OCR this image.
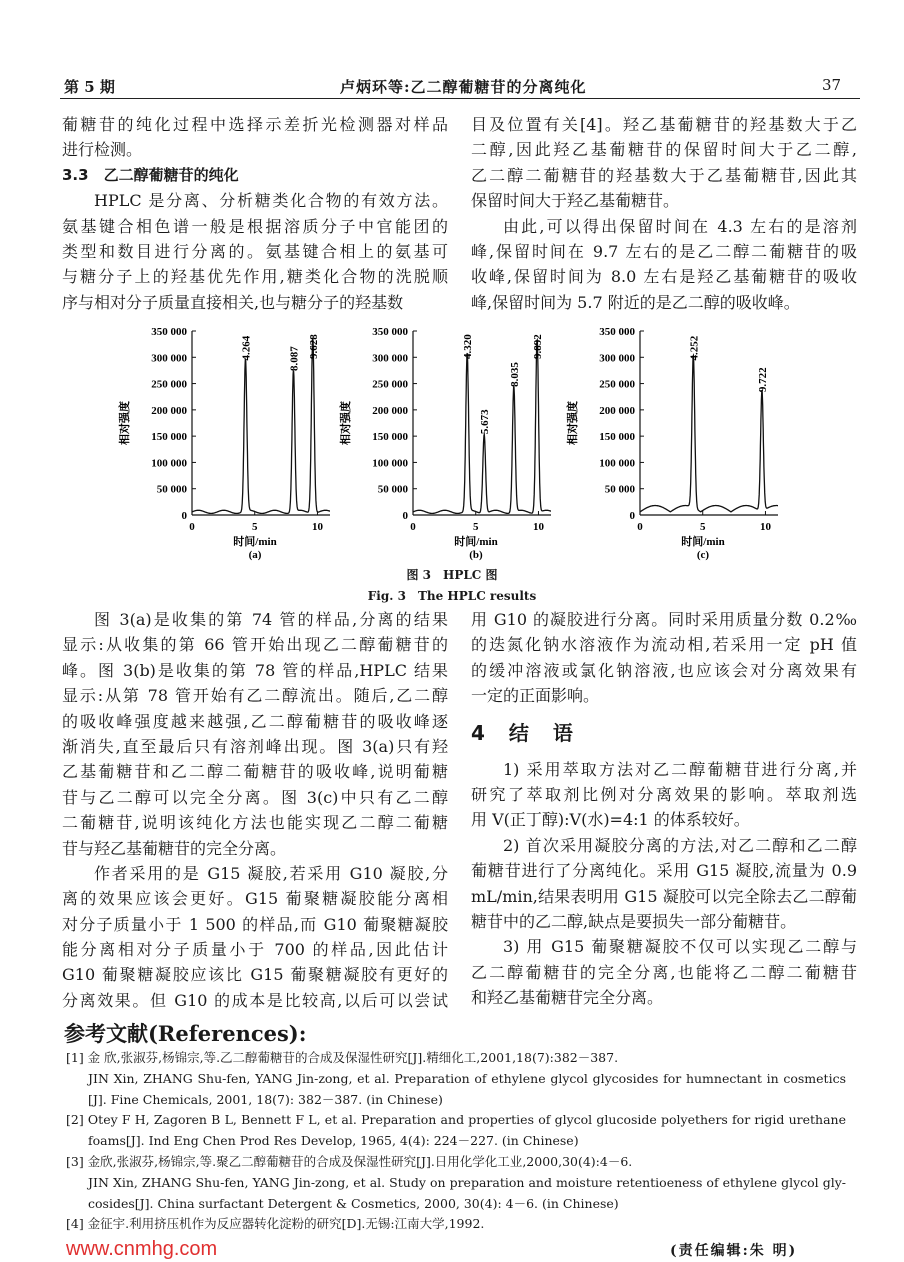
第 5 期	卢炳环等:乙二醇葡糖苷的分离纯化	37
葡糖苷的纯化过程中选择示差折光检测器对样品
进行检测。
3.3　乙二醇葡糖苷的纯化
HPLC 是分离、分析糖类化合物的有效方法。
氨基键合相色谱一般是根据溶质分子中官能团的
类型和数目进行分离的。氨基键合相上的氨基可
与糖分子上的羟基优先作用,糖类化合物的洗脱顺
序与相对分子质量直接相关,也与糖分子的羟基数
目及位置有关[4]。羟乙基葡糖苷的羟基数大于乙
二醇,因此羟乙基葡糖苷的保留时间大于乙二醇,
乙二醇二葡糖苷的羟基数大于乙基葡糖苷,因此其
保留时间大于羟乙基葡糖苷。
由此,可以得出保留时间在 4.3 左右的是溶剂
峰,保留时间在 9.7 左右的是乙二醇二葡糖苷的吸
收峰,保留时间为 8.0 左右是羟乙基葡糖苷的吸收
峰,保留时间为 5.7 附近的是乙二醇的吸收峰。
0
50 000
100 000
150 000
200 000
250 000
300 000
350 000
0	5	10
时间/min
(a)
相对强度
4.264	8.087 9.628
0
50 000
100 000
150 000
200 000
250 000
300 000
350 000
0	5	10
时间/min
(b)
相对强度
4.320
5.673
8.035
9.892
0
50 000
100 000
150 000
200 000
250 000
300 000
350 000
0	5	10
时间/min
(c)
相对强度
4.252
9.722
图 3　HPLC 图
Fig. 3　The HPLC results
图 3(a)是收集的第 74 管的样品,分离的结果
显示:从收集的第 66 管开始出现乙二醇葡糖苷的
峰。图 3(b)是收集的第 78 管的样品,HPLC 结果
显示:从第 78 管开始有乙二醇流出。随后,乙二醇
的吸收峰强度越来越强,乙二醇葡糖苷的吸收峰逐
渐消失,直至最后只有溶剂峰出现。图 3(a)只有羟
乙基葡糖苷和乙二醇二葡糖苷的吸收峰,说明葡糖
苷与乙二醇可以完全分离。图 3(c)中只有乙二醇
二葡糖苷,说明该纯化方法也能实现乙二醇二葡糖
苷与羟乙基葡糖苷的完全分离。
作者采用的是 G15 凝胶,若采用 G10 凝胶,分
离的效果应该会更好。G15 葡聚糖凝胶能分离相
对分子质量小于 1 500 的样品,而 G10 葡聚糖凝胶
能分离相对分子质量小于 700 的样品,因此估计
G10 葡聚糖凝胶应该比 G15 葡聚糖凝胶有更好的
分离效果。但 G10 的成本是比较高,以后可以尝试
用 G10 的凝胶进行分离。同时采用质量分数 0.2‰
的迭氮化钠水溶液作为流动相,若采用一定 pH 值
的缓冲溶液或氯化钠溶液,也应该会对分离效果有
一定的正面影响。
4　结　语
1) 采用萃取方法对乙二醇葡糖苷进行分离,并
研究了萃取剂比例对分离效果的影响。萃取剂选
用 V(正丁醇):V(水)=4:1 的体系较好。
2) 首次采用凝胶分离的方法,对乙二醇和乙二醇
葡糖苷进行了分离纯化。采用 G15 凝胶,流量为 0.9
mL/min,结果表明用 G15 凝胶可以完全除去乙二醇葡
糖苷中的乙二醇,缺点是要损失一部分葡糖苷。
3) 用 G15 葡聚糖凝胶不仅可以实现乙二醇与
乙二醇葡糖苷的完全分离,也能将乙二醇二葡糖苷
和羟乙基葡糖苷完全分离。
参考文献(References):
[1] 金 欣,张淑芬,杨锦宗,等.乙二醇葡糖苷的合成及保湿性研究[J].精细化工,2001,18(7):382－387.
JIN Xin, ZHANG Shu-fen, YANG Jin-zong, et al. Preparation of ethylene glycol glycosides for humnectant in cosmetics
[J]. Fine Chemicals, 2001, 18(7): 382－387. (in Chinese)
[2] Otey F H, Zagoren B L, Bennett F L, et al. Preparation and properties of glycol glucoside polyethers for rigid urethane
foams[J]. Ind Eng Chen Prod Res Develop, 1965, 4(4): 224－227. (in Chinese)
[3] 金欣,张淑芬,杨锦宗,等.聚乙二醇葡糖苷的合成及保湿性研究[J].日用化学化工业,2000,30(4):4－6.
JIN Xin, ZHANG Shu-fen, YANG Jin-zong, et al. Study on preparation and moisture retentioeness of ethylene glycol gly-
cosides[J]. China surfactant Detergent & Cosmetics, 2000, 30(4): 4－6. (in Chinese)
[4] 金征宇.利用挤压机作为反应器转化淀粉的研究[D].无锡:江南大学,1992.
www.cnmhg.com	(责任编辑:朱 明)
